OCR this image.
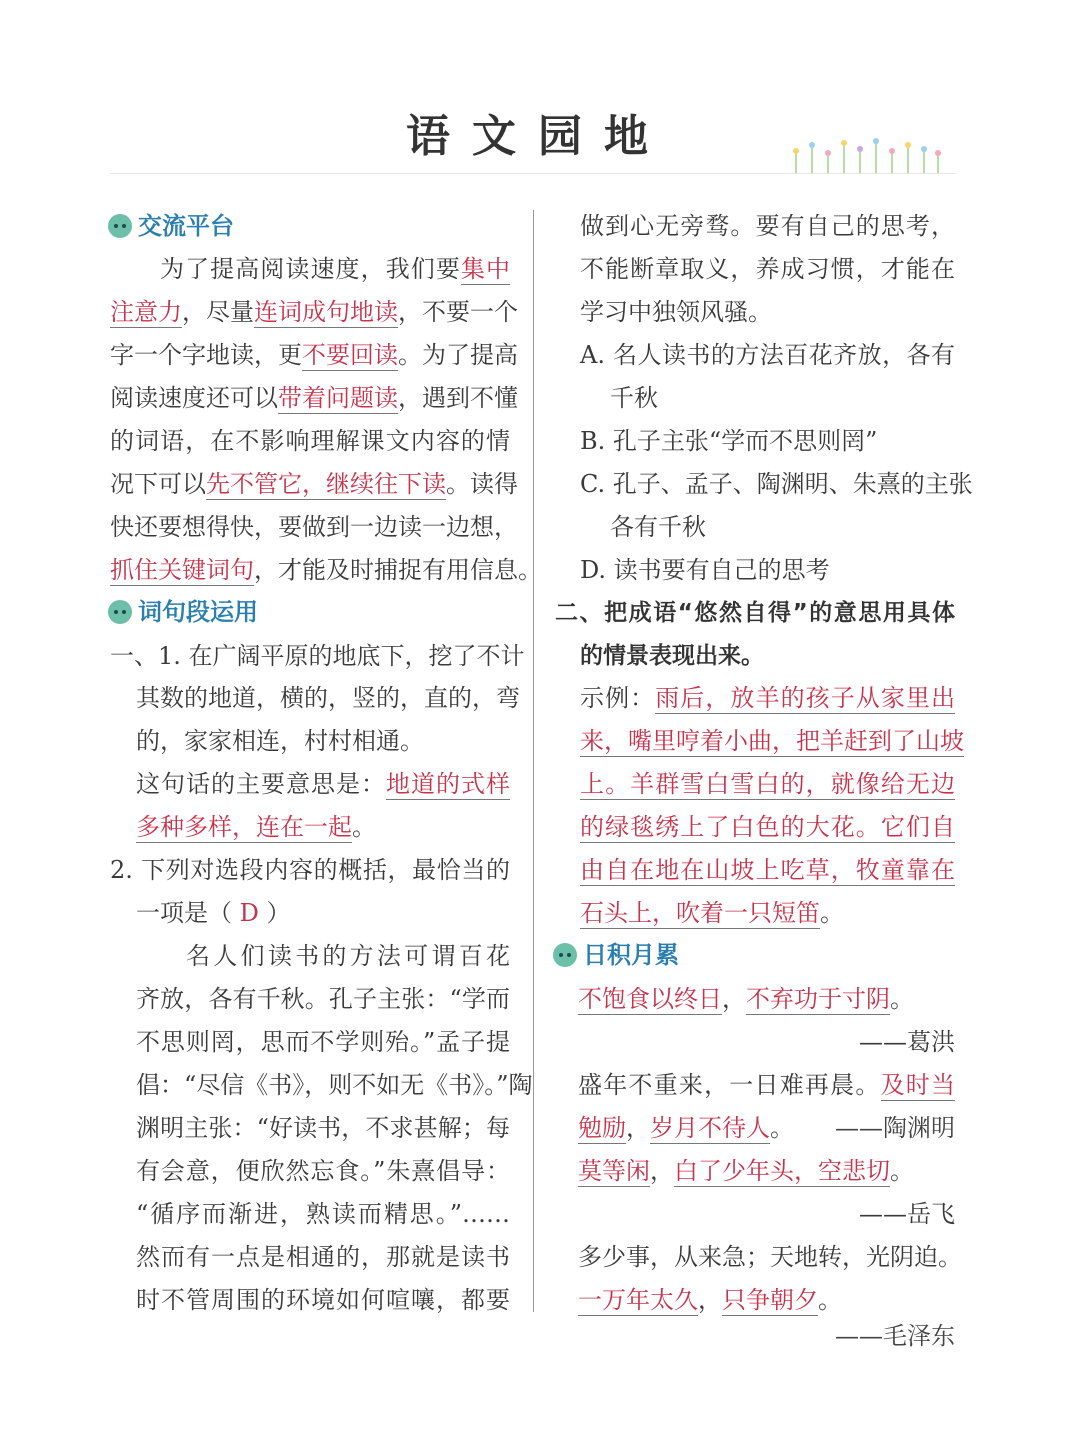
语文园地
交流平台
词句段运用
日积月累
为了提高阅读速度，我们要集中
注意力，尽量连词成句地读，不要一个
字一个字地读，更不要回读。为了提高
阅读速度还可以带着问题读，遇到不懂
的词语，在不影响理解课文内容的情
况下可以先不管它，继续往下读。读得
快还要想得快，要做到一边读一边想，
抓住关键词句，才能及时捕捉有用信息。
一、1. 在广阔平原的地底下，挖了不计
其数的地道，横的，竖的，直的，弯
的，家家相连，村村相通。
这句话的主要意思是：地道的式样
多种多样，连在一起。
2. 下列对选段内容的概括，最恰当的
一项是（ D ）
名人们读书的方法可谓百花
齐放，各有千秋。孔子主张：“学而
不思则罔，思而不学则殆。”孟子提
倡：“尽信《书》，则不如无《书》。”陶
渊明主张：“好读书，不求甚解；每
有会意，便欣然忘食。”朱熹倡导：
“循序而渐进，熟读而精思。”……
然而有一点是相通的，那就是读书
时不管周围的环境如何喧嚷，都要
做到心无旁骛。要有自己的思考，
不能断章取义，养成习惯，才能在
学习中独领风骚。
A. 名人读书的方法百花齐放，各有
千秋
B. 孔子主张“学而不思则罔”
C. 孔子、孟子、陶渊明、朱熹的主张
各有千秋
D. 读书要有自己的思考
二、把成语“悠然自得”的意思用具体
的情景表现出来。
示例：雨后，放羊的孩子从家里出
来，嘴里哼着小曲，把羊赶到了山坡
上。羊群雪白雪白的，就像给无边
的绿毯绣上了白色的大花。它们自
由自在地在山坡上吃草，牧童靠在
石头上，吹着一只短笛。
不饱食以终日，不弃功于寸阴。
——葛洪
盛年不重来，一日难再晨。及时当
勉励，岁月不待人。 ——陶渊明
莫等闲，白了少年头，空悲切。
——岳飞
多少事，从来急；天地转，光阴迫。
一万年太久，只争朝夕。
——毛泽东
